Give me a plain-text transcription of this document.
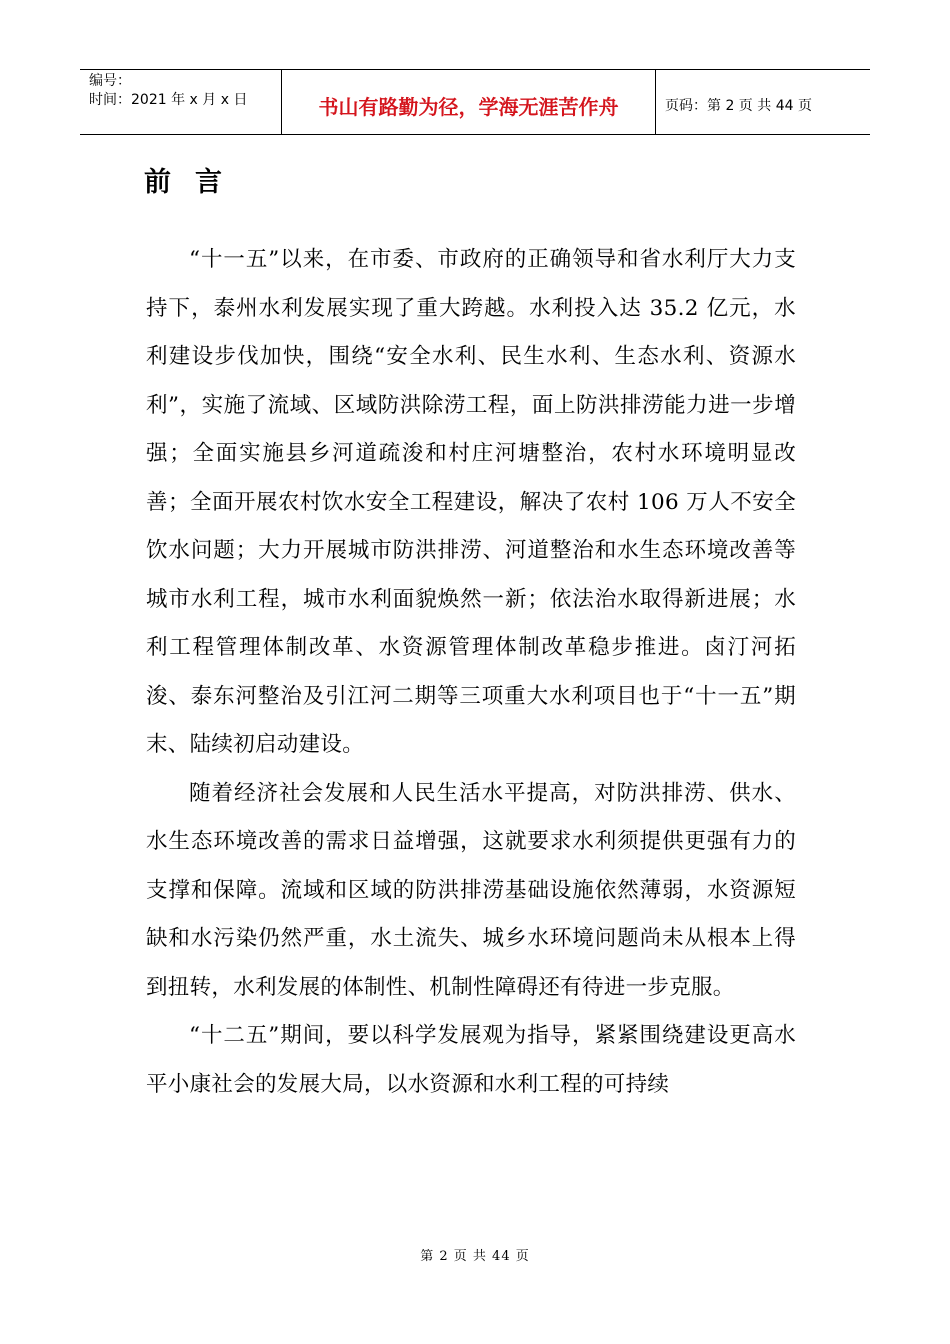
编号：
时间：2021 年 x 月 x 日	书山有路勤为径，学海无涯苦作舟	页码：第 2 页 共 44 页
前言

“十一五”以来，在市委、市政府的正确领导和省水利厅大力支持下，泰州水利发展实现了重大跨越。水利投入达 35.2 亿元，水利建设步伐加快，围绕“安全水利、民生水利、生态水利、资源水利”，实施了流域、区域防洪除涝工程，面上防洪排涝能力进一步增强；全面实施县乡河道疏浚和村庄河塘整治，农村水环境明显改善；全面开展农村饮水安全工程建设，解决了农村 106 万人不安全饮水问题；大力开展城市防洪排涝、河道整治和水生态环境改善等城市水利工程，城市水利面貌焕然一新；依法治水取得新进展；水利工程管理体制改革、水资源管理体制改革稳步推进。卤汀河拓浚、泰东河整治及引江河二期等三项重大水利项目也于“十一五”期末、陆续初启动建设。

随着经济社会发展和人民生活水平提高，对防洪排涝、供水、水生态环境改善的需求日益增强，这就要求水利须提供更强有力的支撑和保障。流域和区域的防洪排涝基础设施依然薄弱，水资源短缺和水污染仍然严重，水土流失、城乡水环境问题尚未从根本上得到扭转，水利发展的体制性、机制性障碍还有待进一步克服。

“十二五”期间，要以科学发展观为指导，紧紧围绕建设更高水平小康社会的发展大局，以水资源和水利工程的可持续

第 2 页 共 44 页
